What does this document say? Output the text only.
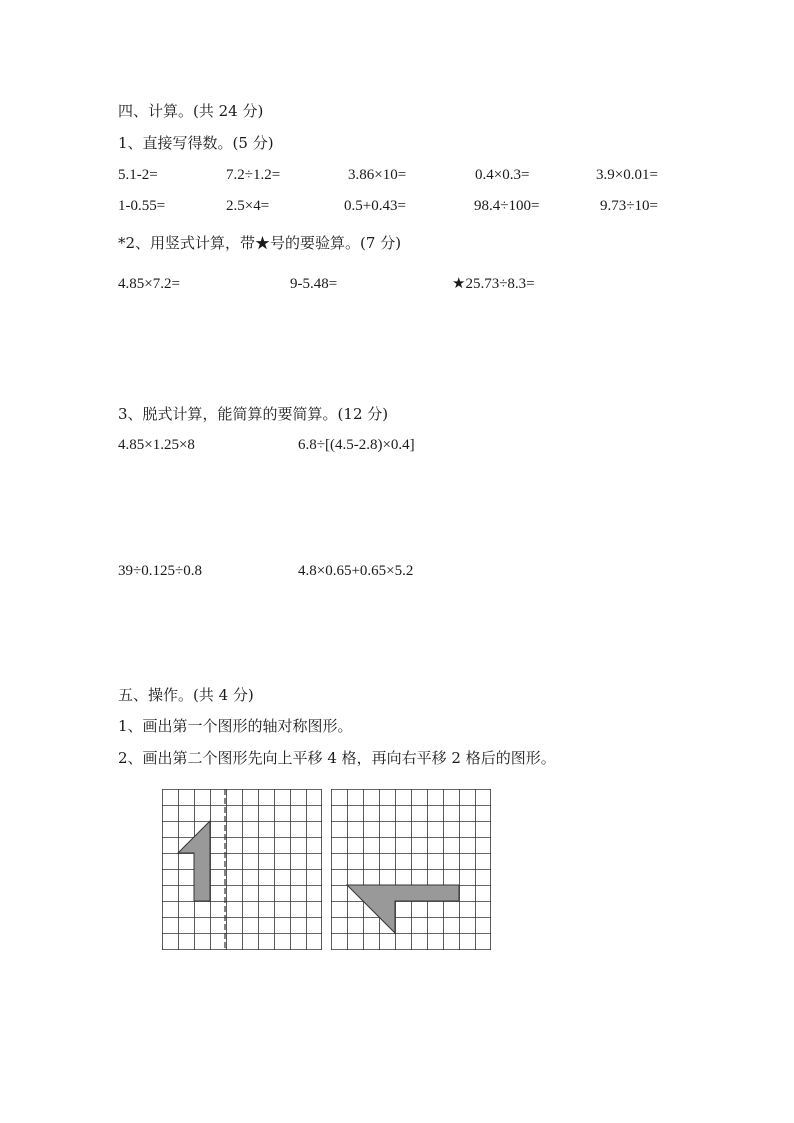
四、计算。(共 24 分)
1、直接写得数。(5 分)
5.1-2=	7.2÷1.2=	3.86×10=	0.4×0.3=	3.9×0.01=
1-0.55=	2.5×4=	0.5+0.43=	98.4÷100=	9.73÷10=
*2、用竖式计算，带★号的要验算。(7 分)
4.85×7.2=	9-5.48=	★25.73÷8.3=
3、脱式计算，能简算的要简算。(12 分)
4.85×1.25×8	6.8÷[(4.5-2.8)×0.4]
39÷0.125÷0.8	4.8×0.65+0.65×5.2
五、操作。(共 4 分)
1、画出第一个图形的轴对称图形。
2、画出第二个图形先向上平移 4 格，再向右平移 2 格后的图形。
